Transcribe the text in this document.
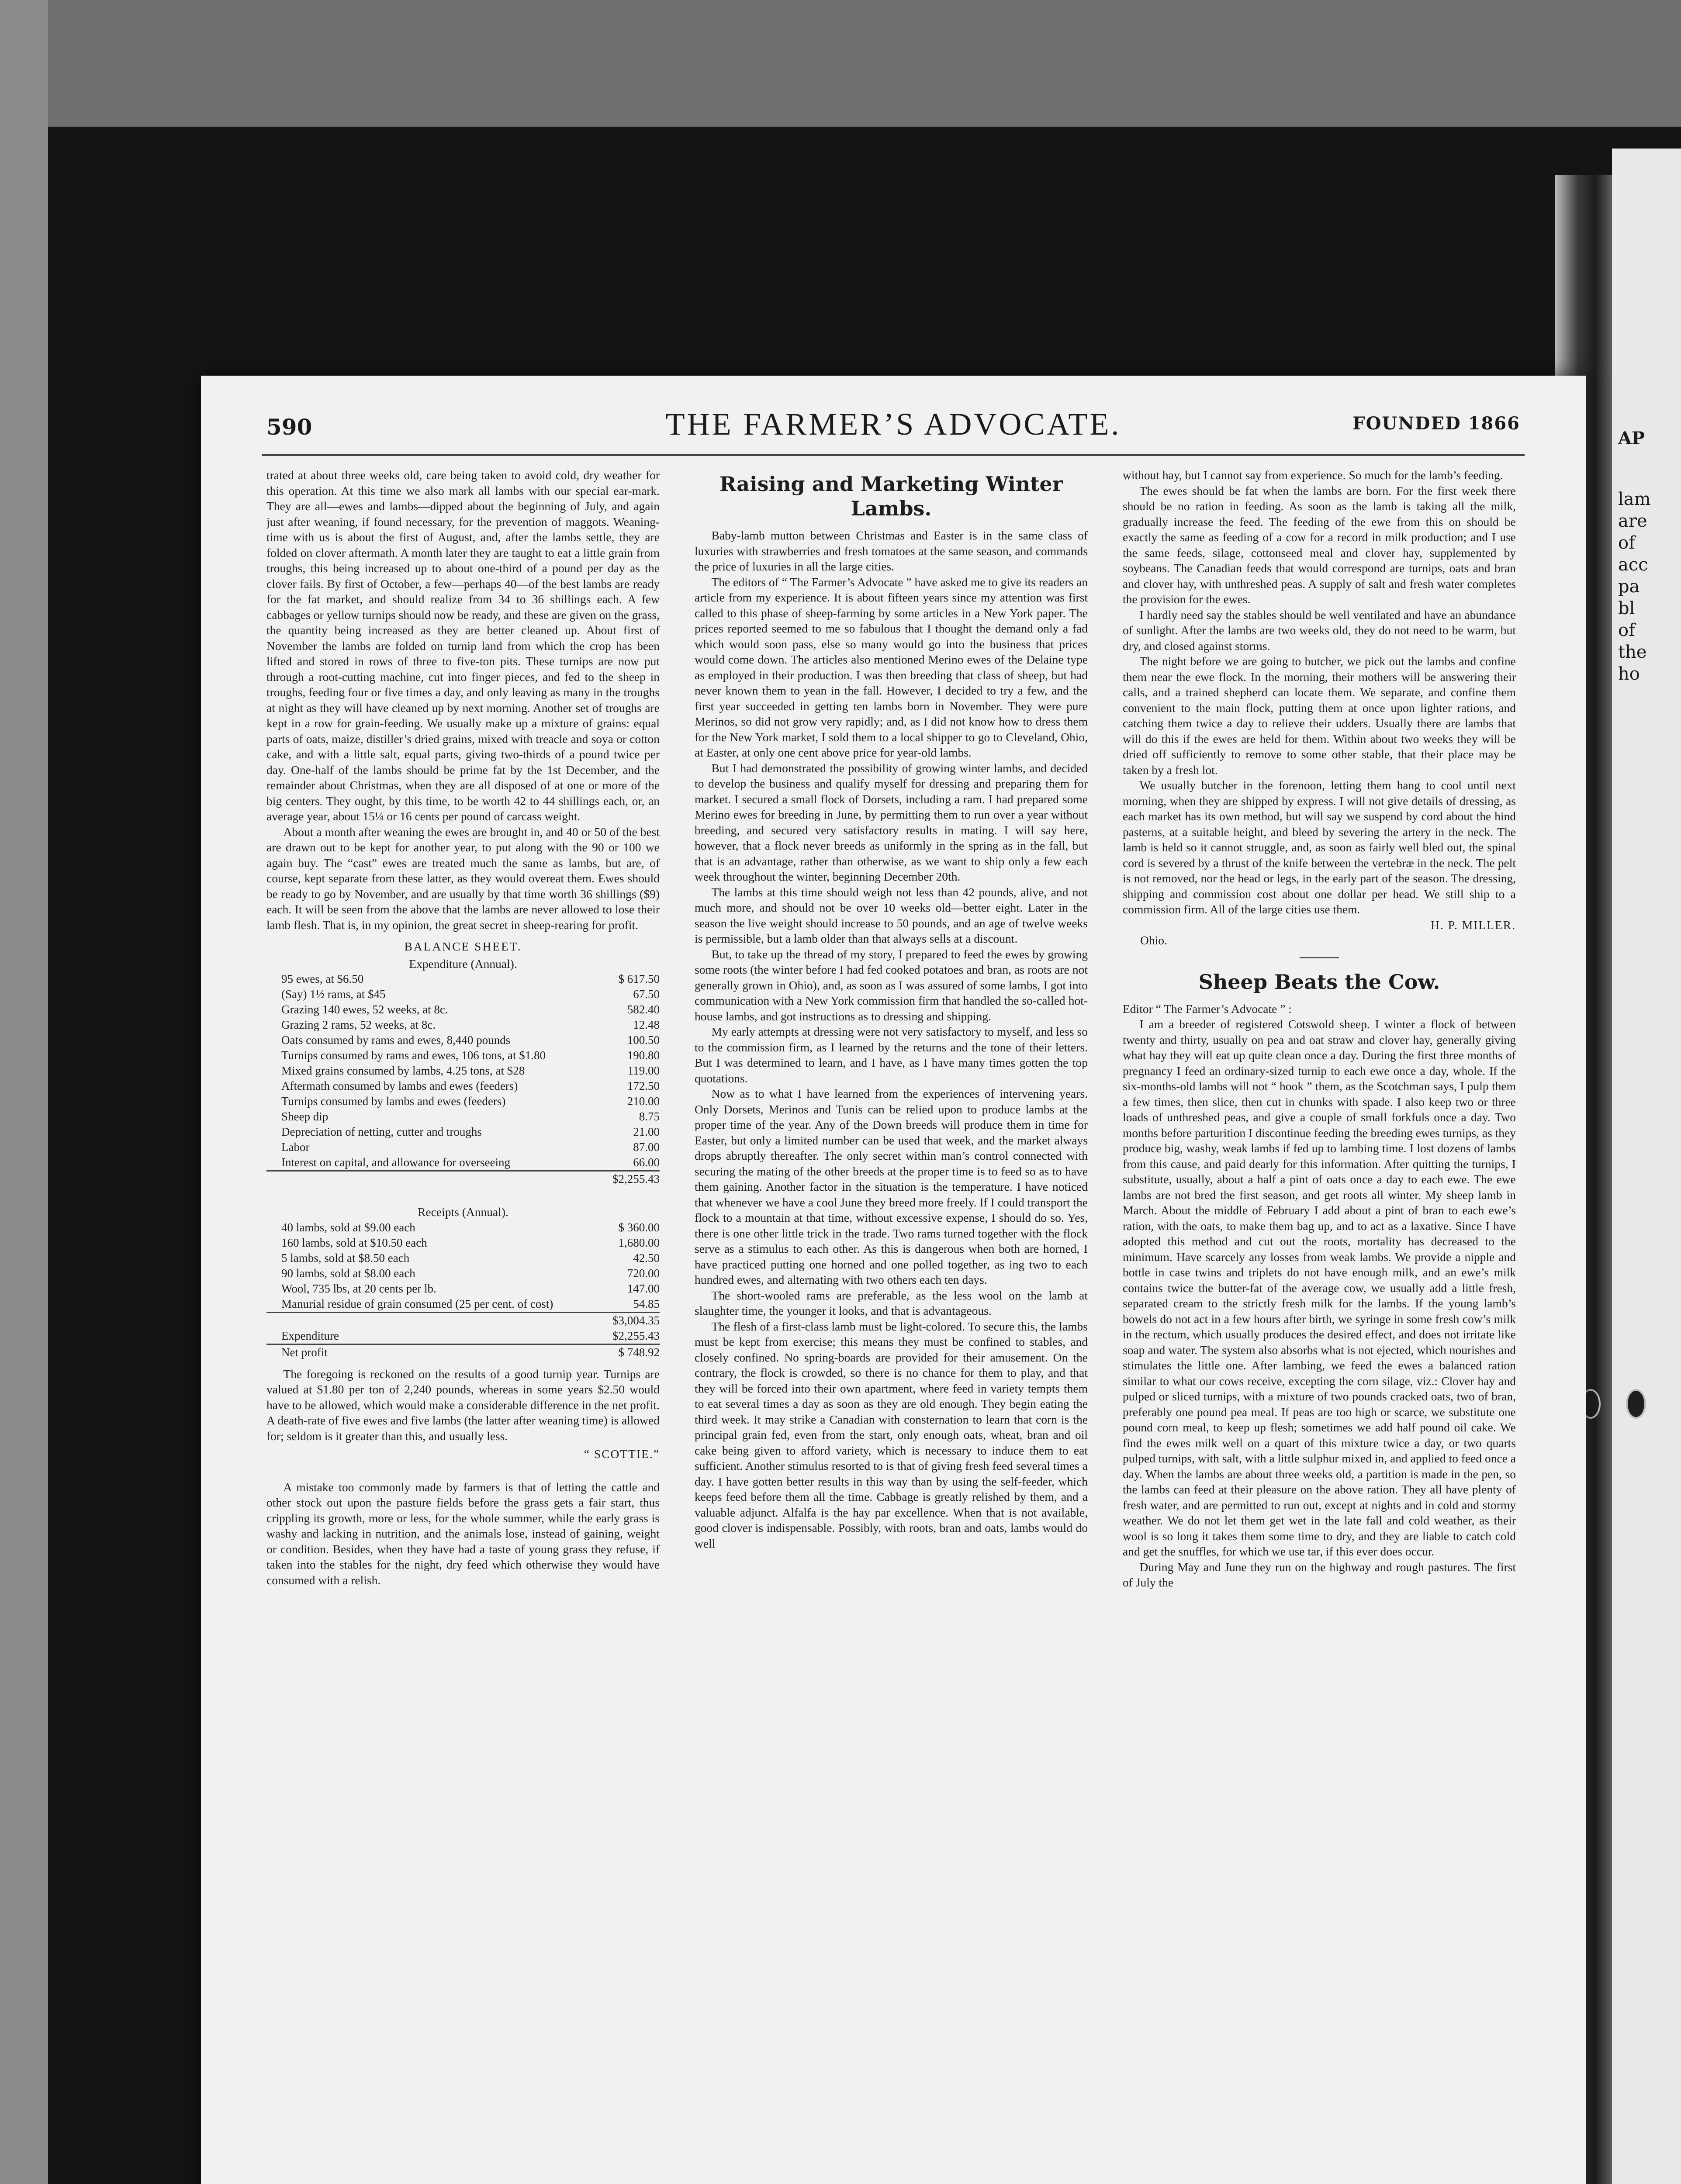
AP
lam
are
of
acc
pa
bl
of
the
ho
590	THE FARMER’S ADVOCATE.	FOUNDED 1866

trated at about three weeks old, care being taken to avoid cold, dry weather for this operation. At this time we also mark all lambs with our special ear-mark. They are all—ewes and lambs—dipped about the beginning of July, and again just after weaning, if found necessary, for the prevention of maggots. Weaning-time with us is about the first of August, and, after the lambs settle, they are folded on clover aftermath. A month later they are taught to eat a little grain from troughs, this being increased up to about one-third of a pound per day as the clover fails. By first of October, a few—perhaps 40—of the best lambs are ready for the fat market, and should realize from 34 to 36 shillings each. A few cabbages or yellow turnips should now be ready, and these are given on the grass, the quantity being increased as they are better cleaned up. About first of November the lambs are folded on turnip land from which the crop has been lifted and stored in rows of three to five-ton pits. These turnips are now put through a root-cutting machine, cut into finger pieces, and fed to the sheep in troughs, feeding four or five times a day, and only leaving as many in the troughs at night as they will have cleaned up by next morning. Another set of troughs are kept in a row for grain-feeding. We usually make up a mixture of grains: equal parts of oats, maize, distiller’s dried grains, mixed with treacle and soya or cotton cake, and with a little salt, equal parts, giving two-thirds of a pound twice per day. One-half of the lambs should be prime fat by the 1st December, and the remainder about Christmas, when they are all disposed of at one or more of the big centers. They ought, by this time, to be worth 42 to 44 shillings each, or, an average year, about 15¼ or 16 cents per pound of carcass weight.

About a month after weaning the ewes are brought in, and 40 or 50 of the best are drawn out to be kept for another year, to put along with the 90 or 100 we again buy. The “cast” ewes are treated much the same as lambs, but are, of course, kept separate from these latter, as they would overeat them. Ewes should be ready to go by November, and are usually by that time worth 36 shillings ($9) each. It will be seen from the above that the lambs are never allowed to lose their lamb flesh. That is, in my opinion, the great secret in sheep-rearing for profit.

BALANCE SHEET.
Expenditure (Annual).
95 ewes, at $6.50	$ 617.50
(Say) 1½ rams, at $45	67.50
Grazing 140 ewes, 52 weeks, at 8c.	582.40
Grazing 2 rams, 52 weeks, at 8c.	12.48
Oats consumed by rams and ewes, 8,440 pounds	100.50
Turnips consumed by rams and ewes, 106 tons, at $1.80	190.80
Mixed grains consumed by lambs, 4.25 tons, at $28	119.00
Aftermath consumed by lambs and ewes (feeders)	172.50
Turnips consumed by lambs and ewes (feeders)	210.00
Sheep dip	8.75
Depreciation of netting, cutter and troughs	21.00
Labor	87.00
Interest on capital, and allowance for overseeing	66.00
	$2,255.43
Receipts (Annual).
40 lambs, sold at $9.00 each	$ 360.00
160 lambs, sold at $10.50 each	1,680.00
5 lambs, sold at $8.50 each	42.50
90 lambs, sold at $8.00 each	720.00
Wool, 735 lbs, at 20 cents per lb.	147.00
Manurial residue of grain consumed (25 per cent. of cost)	54.85
	$3,004.35
Expenditure	$2,255.43
Net profit	$ 748.92

The foregoing is reckoned on the results of a good turnip year. Turnips are valued at $1.80 per ton of 2,240 pounds, whereas in some years $2.50 would have to be allowed, which would make a considerable difference in the net profit. A death-rate of five ewes and five lambs (the latter after weaning time) is allowed for; seldom is it greater than this, and usually less.

“ SCOTTIE.”

A mistake too commonly made by farmers is that of letting the cattle and other stock out upon the pasture fields before the grass gets a fair start, thus crippling its growth, more or less, for the whole summer, while the early grass is washy and lacking in nutrition, and the animals lose, instead of gaining, weight or condition. Besides, when they have had a taste of young grass they refuse, if taken into the stables for the night, dry feed which otherwise they would have consumed with a relish.

Raising and Marketing Winter Lambs.

Baby-lamb mutton between Christmas and Easter is in the same class of luxuries with strawberries and fresh tomatoes at the same season, and commands the price of luxuries in all the large cities.

The editors of “ The Farmer’s Advocate ” have asked me to give its readers an article from my experience. It is about fifteen years since my attention was first called to this phase of sheep-farming by some articles in a New York paper. The prices reported seemed to me so fabulous that I thought the demand only a fad which would soon pass, else so many would go into the business that prices would come down. The articles also mentioned Merino ewes of the Delaine type as employed in their production. I was then breeding that class of sheep, but had never known them to yean in the fall. However, I decided to try a few, and the first year succeeded in getting ten lambs born in November. They were pure Merinos, so did not grow very rapidly; and, as I did not know how to dress them for the New York market, I sold them to a local shipper to go to Cleveland, Ohio, at Easter, at only one cent above price for year-old lambs.

But I had demonstrated the possibility of growing winter lambs, and decided to develop the business and qualify myself for dressing and preparing them for market. I secured a small flock of Dorsets, including a ram. I had prepared some Merino ewes for breeding in June, by permitting them to run over a year without breeding, and secured very satisfactory results in mating. I will say here, however, that a flock never breeds as uniformly in the spring as in the fall, but that is an advantage, rather than otherwise, as we want to ship only a few each week throughout the winter, beginning December 20th.

The lambs at this time should weigh not less than 42 pounds, alive, and not much more, and should not be over 10 weeks old—better eight. Later in the season the live weight should increase to 50 pounds, and an age of twelve weeks is permissible, but a lamb older than that always sells at a discount.

But, to take up the thread of my story, I prepared to feed the ewes by growing some roots (the winter before I had fed cooked potatoes and bran, as roots are not generally grown in Ohio), and, as soon as I was assured of some lambs, I got into communication with a New York commission firm that handled the so-called hot-house lambs, and got instructions as to dressing and shipping.

My early attempts at dressing were not very satisfactory to myself, and less so to the commission firm, as I learned by the returns and the tone of their letters. But I was determined to learn, and I have, as I have many times gotten the top quotations.

Now as to what I have learned from the experiences of intervening years. Only Dorsets, Merinos and Tunis can be relied upon to produce lambs at the proper time of the year. Any of the Down breeds will produce them in time for Easter, but only a limited number can be used that week, and the market always drops abruptly thereafter. The only secret within man’s control connected with securing the mating of the other breeds at the proper time is to feed so as to have them gaining. Another factor in the situation is the temperature. I have noticed that whenever we have a cool June they breed more freely. If I could transport the flock to a mountain at that time, without excessive expense, I should do so. Yes, there is one other little trick in the trade. Two rams turned together with the flock serve as a stimulus to each other. As this is dangerous when both are horned, I have practiced putting one horned and one polled together, as ing two to each hundred ewes, and alternating with two others each ten days.

The short-wooled rams are preferable, as the less wool on the lamb at slaughter time, the younger it looks, and that is advantageous.

The flesh of a first-class lamb must be light-colored. To secure this, the lambs must be kept from exercise; this means they must be confined to stables, and closely confined. No spring-boards are provided for their amusement. On the contrary, the flock is crowded, so there is no chance for them to play, and that they will be forced into their own apartment, where feed in variety tempts them to eat several times a day as soon as they are old enough. They begin eating the third week. It may strike a Canadian with consternation to learn that corn is the principal grain fed, even from the start, only enough oats, wheat, bran and oil cake being given to afford variety, which is necessary to induce them to eat sufficient. Another stimulus resorted to is that of giving fresh feed several times a day. I have gotten better results in this way than by using the self-feeder, which keeps feed before them all the time. Cabbage is greatly relished by them, and a valuable adjunct. Alfalfa is the hay par excellence. When that is not available, good clover is indispensable. Possibly, with roots, bran and oats, lambs would do well

without hay, but I cannot say from experience. So much for the lamb’s feeding.

The ewes should be fat when the lambs are born. For the first week there should be no ration in feeding. As soon as the lamb is taking all the milk, gradually increase the feed. The feeding of the ewe from this on should be exactly the same as feeding of a cow for a record in milk production; and I use the same feeds, silage, cottonseed meal and clover hay, supplemented by soybeans. The Canadian feeds that would correspond are turnips, oats and bran and clover hay, with unthreshed peas. A supply of salt and fresh water completes the provision for the ewes.

I hardly need say the stables should be well ventilated and have an abundance of sunlight. After the lambs are two weeks old, they do not need to be warm, but dry, and closed against storms.

The night before we are going to butcher, we pick out the lambs and confine them near the ewe flock. In the morning, their mothers will be answering their calls, and a trained shepherd can locate them. We separate, and confine them convenient to the main flock, putting them at once upon lighter rations, and catching them twice a day to relieve their udders. Usually there are lambs that will do this if the ewes are held for them. Within about two weeks they will be dried off sufficiently to remove to some other stable, that their place may be taken by a fresh lot.

We usually butcher in the forenoon, letting them hang to cool until next morning, when they are shipped by express. I will not give details of dressing, as each market has its own method, but will say we suspend by cord about the hind pasterns, at a suitable height, and bleed by severing the artery in the neck. The lamb is held so it cannot struggle, and, as soon as fairly well bled out, the spinal cord is severed by a thrust of the knife between the vertebræ in the neck. The pelt is not removed, nor the head or legs, in the early part of the season. The dressing, shipping and commission cost about one dollar per head. We still ship to a commission firm. All of the large cities use them.

H. P. MILLER.
Ohio.
Sheep Beats the Cow.

Editor “ The Farmer’s Advocate ” :

I am a breeder of registered Cotswold sheep. I winter a flock of between twenty and thirty, usually on pea and oat straw and clover hay, generally giving what hay they will eat up quite clean once a day. During the first three months of pregnancy I feed an ordinary-sized turnip to each ewe once a day, whole. If the six-months-old lambs will not “ hook ” them, as the Scotchman says, I pulp them a few times, then slice, then cut in chunks with spade. I also keep two or three loads of unthreshed peas, and give a couple of small forkfuls once a day. Two months before parturition I discontinue feeding the breeding ewes turnips, as they produce big, washy, weak lambs if fed up to lambing time. I lost dozens of lambs from this cause, and paid dearly for this information. After quitting the turnips, I substitute, usually, about a half a pint of oats once a day to each ewe. The ewe lambs are not bred the first season, and get roots all winter. My sheep lamb in March. About the middle of February I add about a pint of bran to each ewe’s ration, with the oats, to make them bag up, and to act as a laxative. Since I have adopted this method and cut out the roots, mortality has decreased to the minimum. Have scarcely any losses from weak lambs. We provide a nipple and bottle in case twins and triplets do not have enough milk, and an ewe’s milk contains twice the butter-fat of the average cow, we usually add a little fresh, separated cream to the strictly fresh milk for the lambs. If the young lamb’s bowels do not act in a few hours after birth, we syringe in some fresh cow’s milk in the rectum, which usually produces the desired effect, and does not irritate like soap and water. The system also absorbs what is not ejected, which nourishes and stimulates the little one. After lambing, we feed the ewes a balanced ration similar to what our cows receive, excepting the corn silage, viz.: Clover hay and pulped or sliced turnips, with a mixture of two pounds cracked oats, two of bran, preferably one pound pea meal. If peas are too high or scarce, we substitute one pound corn meal, to keep up flesh; sometimes we add half pound oil cake. We find the ewes milk well on a quart of this mixture twice a day, or two quarts pulped turnips, with salt, with a little sulphur mixed in, and applied to feed once a day. When the lambs are about three weeks old, a partition is made in the pen, so the lambs can feed at their pleasure on the above ration. They all have plenty of fresh water, and are permitted to run out, except at nights and in cold and stormy weather. We do not let them get wet in the late fall and cold weather, as their wool is so long it takes them some time to dry, and they are liable to catch cold and get the snuffles, for which we use tar, if this ever does occur.

During May and June they run on the highway and rough pastures. The first of July the
